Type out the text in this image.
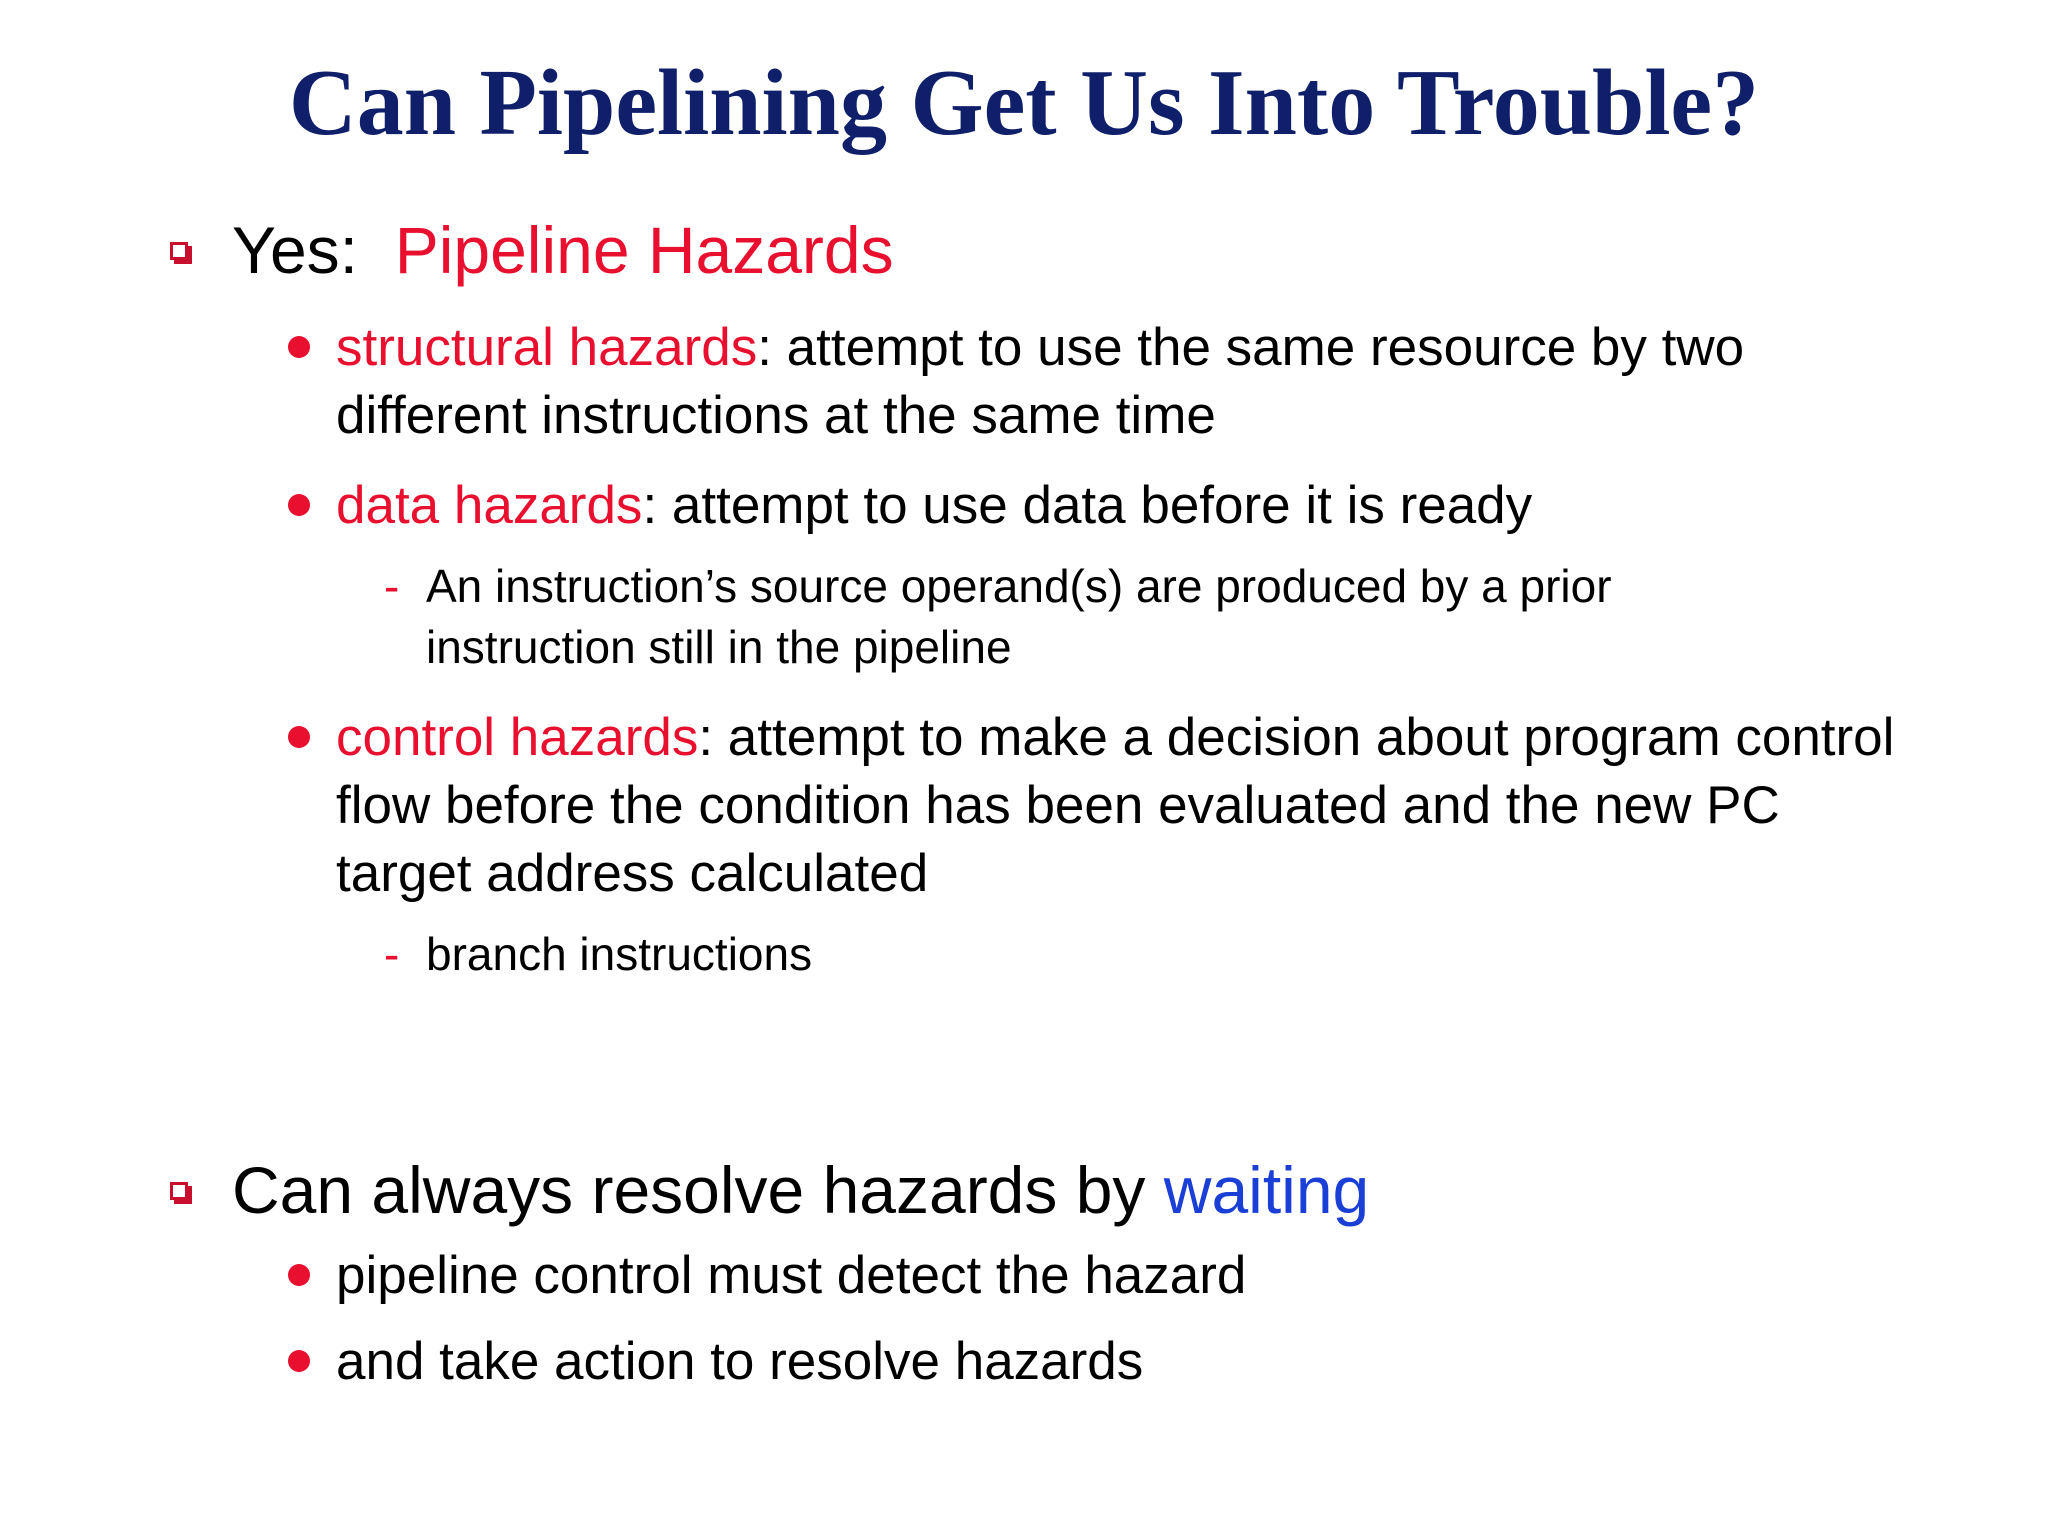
Can Pipelining Get Us Into Trouble?
Yes:  Pipeline Hazards
structural hazards: attempt to use the same resource by two different instructions at the same time
data hazards: attempt to use data before it is ready
- An instruction’s source operand(s) are produced by a prior instruction still in the pipeline
control hazards: attempt to make a decision about program control flow before the condition has been evaluated and the new PC target address calculated
- branch instructions
Can always resolve hazards by waiting
pipeline control must detect the hazard
and take action to resolve hazards
